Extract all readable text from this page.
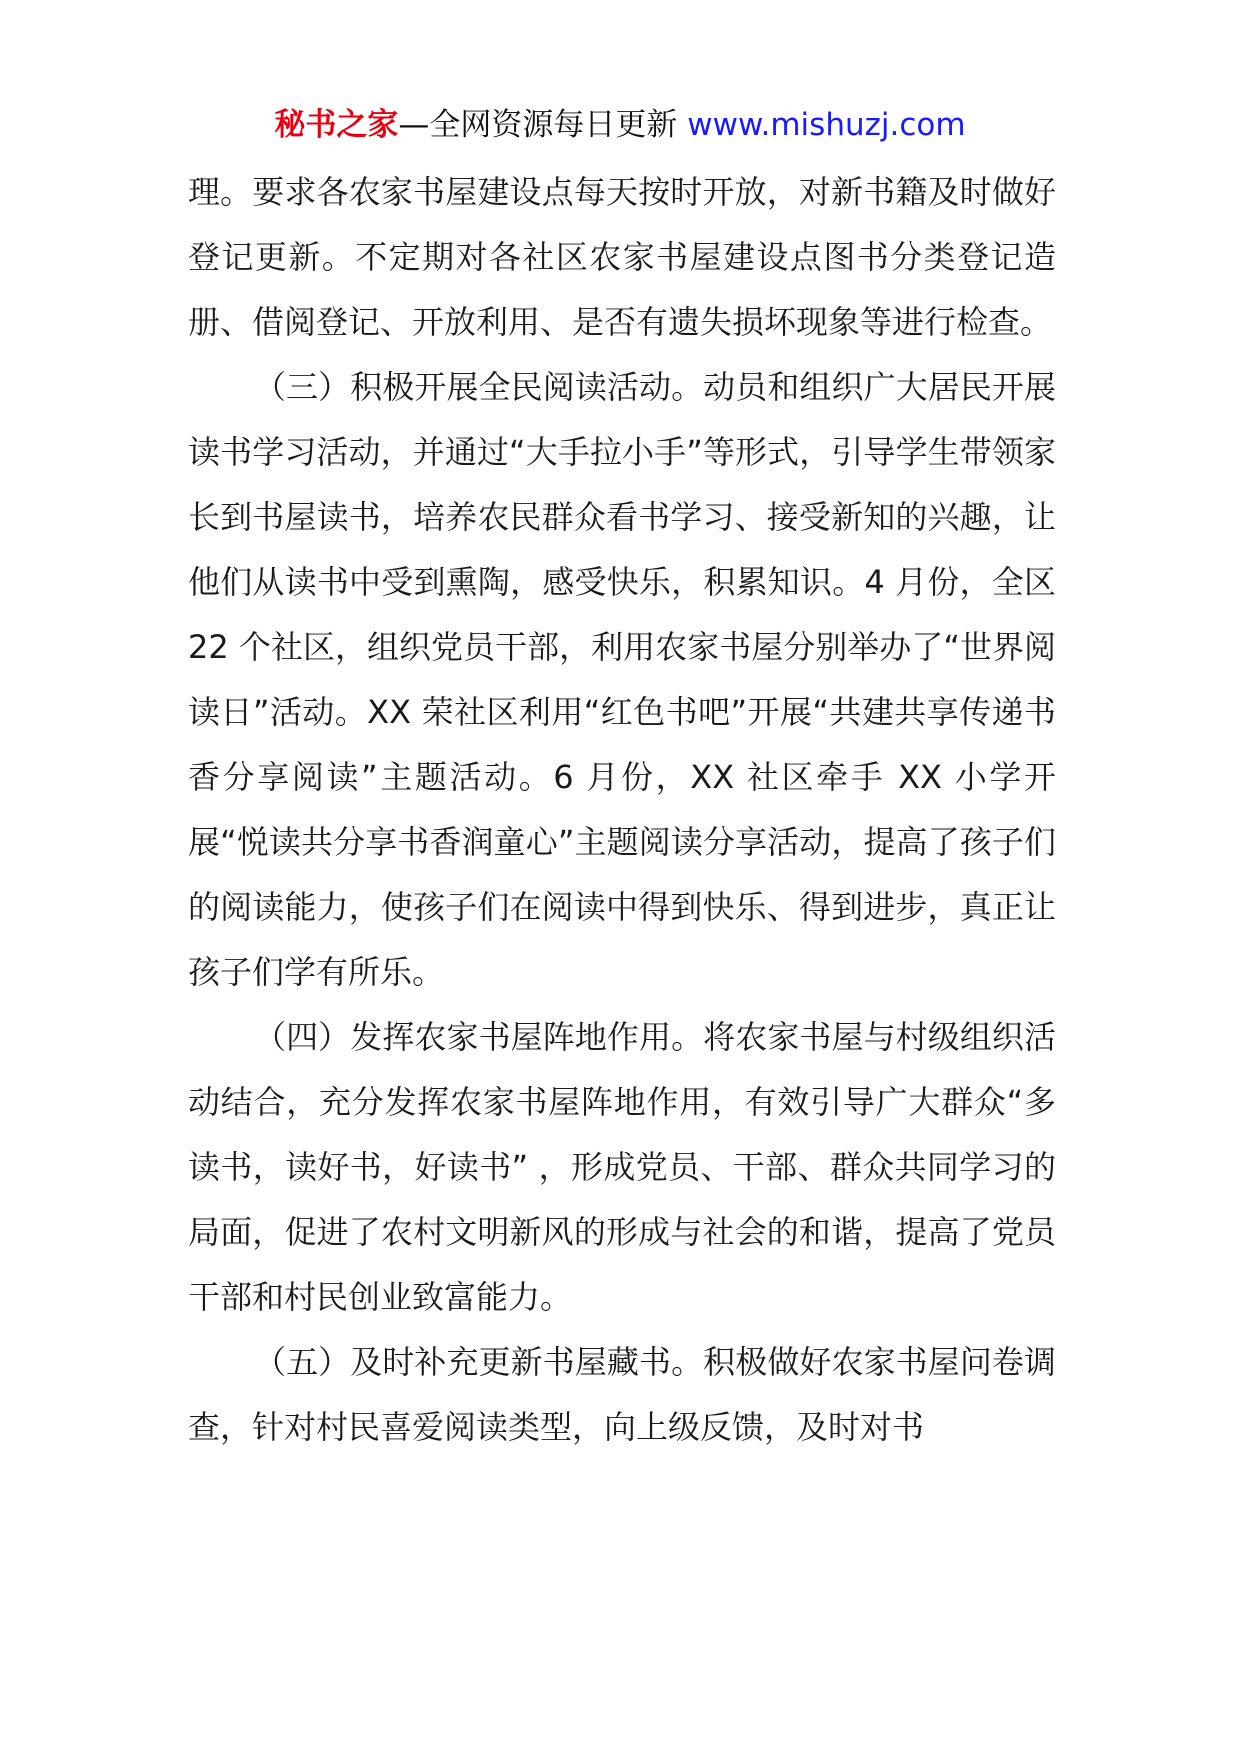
秘书之家—全网资源每日更新 www.mishuzj.com

理。要求各农家书屋建设点每天按时开放，对新书籍及时做好登记更新。不定期对各社区农家书屋建设点图书分类登记造册、借阅登记、开放利用、是否有遗失损坏现象等进行检查。

（三）积极开展全民阅读活动。动员和组织广大居民开展读书学习活动，并通过“大手拉小手”等形式，引导学生带领家长到书屋读书，培养农民群众看书学习、接受新知的兴趣，让他们从读书中受到熏陶，感受快乐，积累知识。4 月份，全区 22 个社区，组织党员干部，利用农家书屋分别举办了“世界阅读日”活动。XX 荣社区利用“红色书吧”开展“共建共享传递书香分享阅读”主题活动。6 月份，XX 社区牵手 XX 小学开展“悦读共分享书香润童心”主题阅读分享活动，提高了孩子们的阅读能力，使孩子们在阅读中得到快乐、得到进步，真正让孩子们学有所乐。

（四）发挥农家书屋阵地作用。将农家书屋与村级组织活动结合，充分发挥农家书屋阵地作用，有效引导广大群众“多读书，读好书，好读书” ，形成党员、干部、群众共同学习的局面，促进了农村文明新风的形成与社会的和谐，提高了党员干部和村民创业致富能力。

（五）及时补充更新书屋藏书。积极做好农家书屋问卷调查，针对村民喜爱阅读类型，向上级反馈，及时对书
